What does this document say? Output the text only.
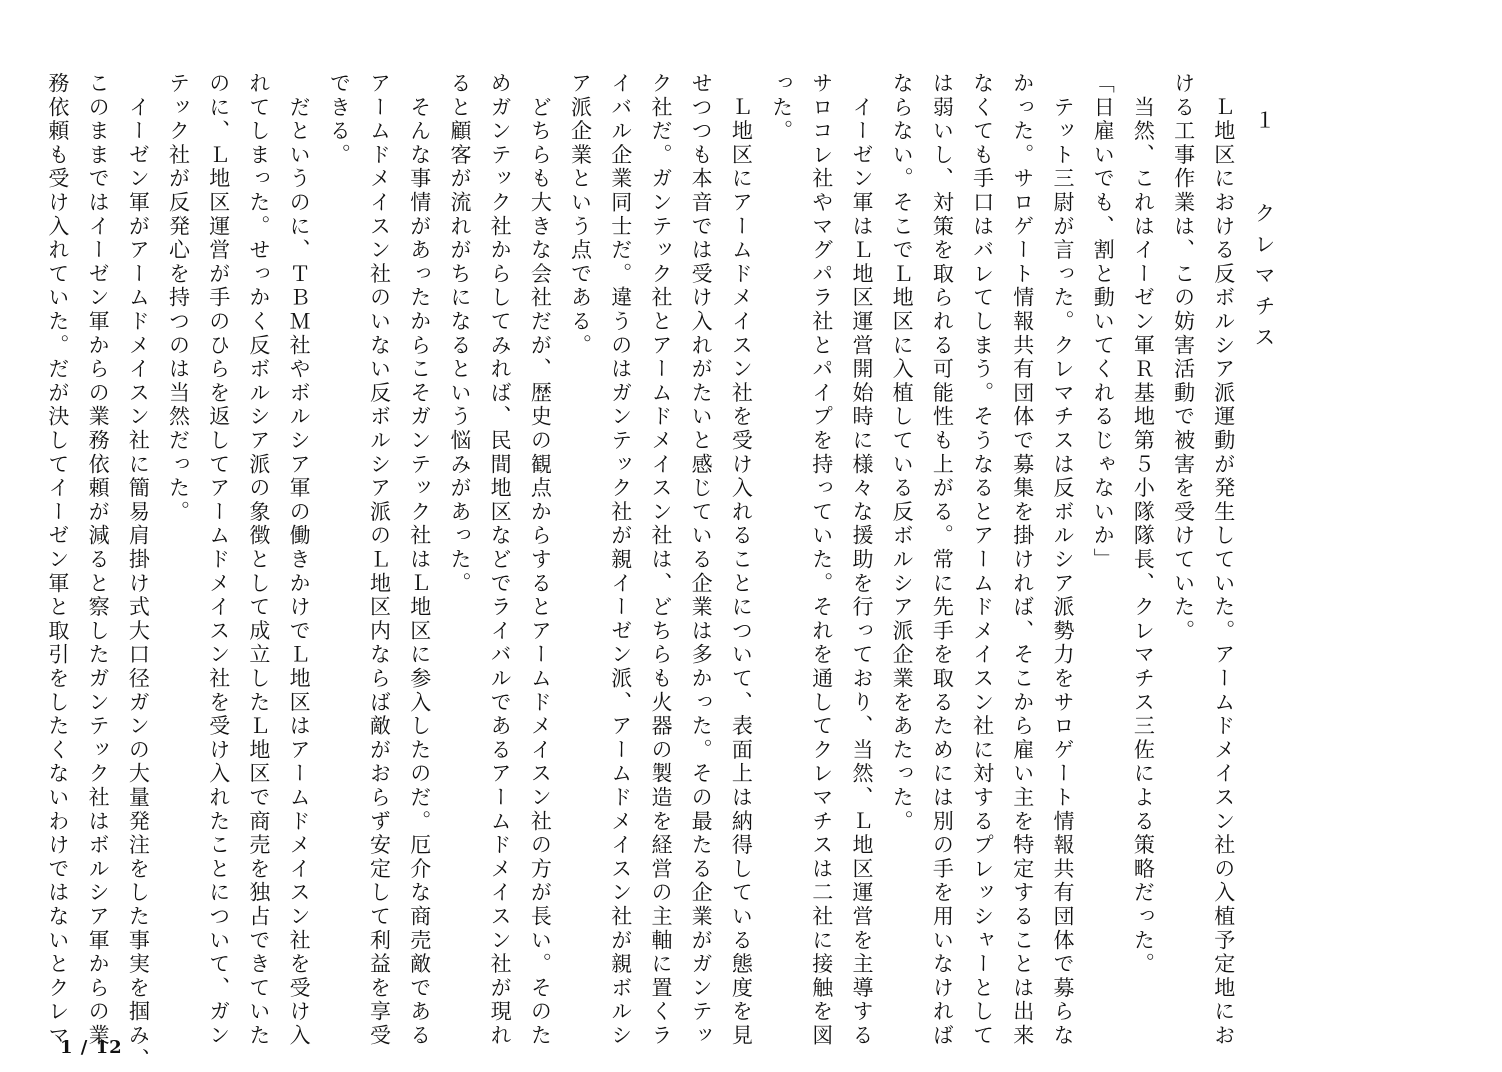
　１　　クレマチス
　Ｌ地区における反ボルシア派運動が発生していた。アームドメイスン社の入植予定地にお
ける工事作業は、この妨害活動で被害を受けていた。
　当然、これはイーゼン軍Ｒ基地第５小隊隊長、クレマチス三佐による策略だった。
「日雇いでも、割と動いてくれるじゃないか」
　テット三尉が言った。クレマチスは反ボルシア派勢力をサロゲート情報共有団体で募らな
かった。サロゲート情報共有団体で募集を掛ければ、そこから雇い主を特定することは出来
なくても手口はバレてしまう。そうなるとアームドメイスン社に対するプレッシャーとして
は弱いし、対策を取られる可能性も上がる。常に先手を取るためには別の手を用いなければ
ならない。そこでＬ地区に入植している反ボルシア派企業をあたった。
　イーゼン軍はＬ地区運営開始時に様々な援助を行っており、当然、Ｌ地区運営を主導する
サロコレ社やマグパラ社とパイプを持っていた。それを通してクレマチスは二社に接触を図
った。
　Ｌ地区にアームドメイスン社を受け入れることについて、表面上は納得している態度を見
せつつも本音では受け入れがたいと感じている企業は多かった。その最たる企業がガンテッ
ク社だ。ガンテック社とアームドメイスン社は、どちらも火器の製造を経営の主軸に置くラ
イバル企業同士だ。違うのはガンテック社が親イーゼン派、アームドメイスン社が親ボルシ
ア派企業という点である。
　どちらも大きな会社だが、歴史の観点からするとアームドメイスン社の方が長い。そのた
めガンテック社からしてみれば、民間地区などでライバルであるアームドメイスン社が現れ
ると顧客が流れがちになるという悩みがあった。
　そんな事情があったからこそガンテック社はＬ地区に参入したのだ。厄介な商売敵である
アームドメイスン社のいない反ボルシア派のＬ地区内ならば敵がおらず安定して利益を享受
できる。
　だというのに、ＴＢＭ社やボルシア軍の働きかけでＬ地区はアームドメイスン社を受け入
れてしまった。せっかく反ボルシア派の象徴として成立したＬ地区で商売を独占できていた
のに、Ｌ地区運営が手のひらを返してアームドメイスン社を受け入れたことについて、ガン
テック社が反発心を持つのは当然だった。
　イーゼン軍がアームドメイスン社に簡易肩掛け式大口径ガンの大量発注をした事実を掴み、
このままではイーゼン軍からの業務依頼が減ると察したガンテック社はボルシア軍からの業
務依頼も受け入れていた。だが決してイーゼン軍と取引をしたくないわけではないとクレマ
1 / 12
